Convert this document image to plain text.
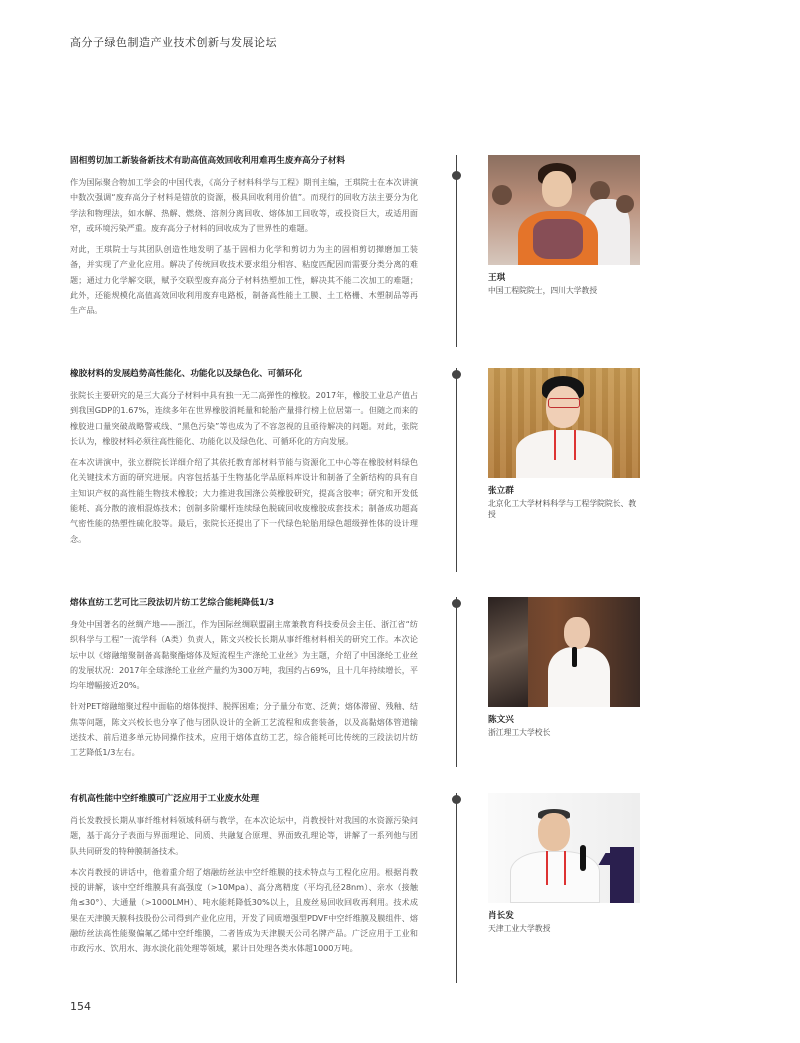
高分子绿色制造产业技术创新与发展论坛
固相剪切加工新装备新技术有助高值高效回收利用难再生废弃高分子材料

作为国际聚合物加工学会的中国代表，《高分子材料科学与工程》期刊主编，王琪院士在本次讲演中数次强调“废弃高分子材料是错放的资源，极具回收利用价值”。而现行的回收方法主要分为化学法和物理法，如水解、热解、燃烧、溶剂分离回收、熔体加工回收等，或投资巨大，或适用面窄，或环境污染严重。废弃高分子材料的回收成为了世界性的难题。

对此，王琪院士与其团队创造性地发明了基于固相力化学和剪切力为主的固相剪切撵磨加工装备，并实现了产业化应用。解决了传统回收技术要求组分相容、粘度匹配因而需要分类分离的难题；通过力化学解交联，赋予交联型废弃高分子材料热塑加工性，解决其不能二次加工的难题；此外，还能规模化高值高效回收利用废弃电路板，制备高性能土工膜、土工格栅、木塑制品等再生产品。

王琪
中国工程院院士，四川大学教授
橡胶材料的发展趋势高性能化、功能化以及绿色化、可循环化

张院长主要研究的是三大高分子材料中具有独一无二高弹性的橡胶。2017年，橡胶工业总产值占到我国GDP的1.67%，连续多年在世界橡胶消耗量和轮胎产量排行榜上位居第一。但随之而来的橡胶进口量突破战略警戒线、“黑色污染”等也成为了不容忽视的且亟待解决的问题。对此，张院长认为，橡胶材料必须往高性能化、功能化以及绿色化、可循环化的方向发展。

在本次讲演中，张立群院长详细介绍了其依托教育部材料节能与资源化工中心等在橡胶材料绿色化关键技术方面的研究进展。内容包括基于生物基化学品原料库设计和制备了全新结构的具有自主知识产权的高性能生物技术橡胶；大力推进我国涤公英橡胶研究，提高含胶率；研究和开发低能耗、高分散的液相混炼技术；创制多阶螺杆连续绿色脱硫回收废橡胶成套技术；制备成功超高气密性能的热塑性硫化胶等。最后，张院长还提出了下一代绿色轮胎用绿色超级弹性体的设计理念。

张立群
北京化工大学材料科学与工程学院院长、教授
熔体直纺工艺可比三段法切片纺工艺综合能耗降低1/3

身处中国著名的丝绸产地——浙江，作为国际丝绸联盟副主席兼教育科技委员会主任、浙江省“纺织科学与工程”一流学科（A类）负责人，陈文兴校长长期从事纤维材料相关的研究工作。本次论坛中以《熔融缩聚制备高黏聚酯熔体及短流程生产涤纶工业丝》为主题，介绍了中国涤纶工业丝的发展状况：2017年全球涤纶工业丝产量约为300万吨，我国约占69%，且十几年持续增长，平均年增幅接近20%。

针对PET熔融缩聚过程中面临的熔体搅拌、脱挥困难；分子量分布宽、泛黄；熔体滞留、残釉、结焦等问题，陈文兴校长也分享了他与团队设计的全新工艺流程和成套装备，以及高黏熔体管道输送技术、前后道多单元协同操作技术，应用于熔体直纺工艺，综合能耗可比传统的三段法切片纺工艺降低1/3左右。

陈文兴
浙江理工大学校长
有机高性能中空纤维膜可广泛应用于工业废水处理

肖长发教授长期从事纤维材料领域科研与教学，在本次论坛中，肖教授针对我国的水资源污染问题，基于高分子表面与界面理论、同质、共融复合原理、界面致孔理论等，讲解了一系列他与团队共同研发的特种膜制备技术。

本次肖教授的讲话中，他着重介绍了熔融纺丝法中空纤维膜的技术特点与工程化应用。根据肖教授的讲解，该中空纤维膜具有高强度（>10Mpa）、高分离精度（平均孔径28nm）、亲水（接触角≤30°）、大通量（>1000LMH）、吨水能耗降低30%以上，且废丝易回收回收再利用。技术成果在天津膜天膜科技股份公司得到产业化应用，开发了同质增强型PDVF中空纤维膜及膜组件、熔融纺丝法高性能聚偏氟乙烯中空纤维膜，二者皆成为天津膜天公司名牌产品。广泛应用于工业和市政污水、饮用水、海水淡化前处理等领域，累计日处理各类水体超1000万吨。

肖长发
天津工业大学教授
154
